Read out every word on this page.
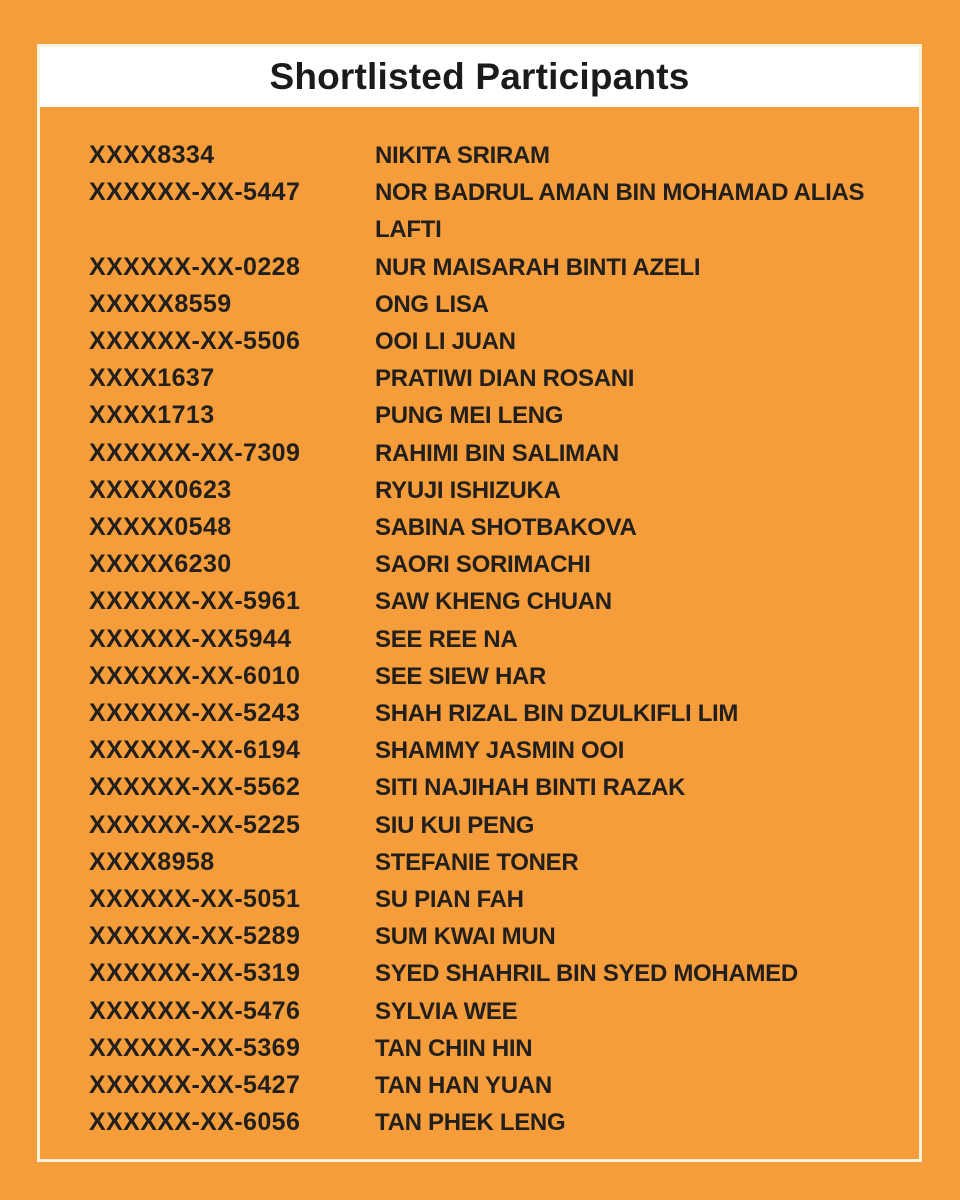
Shortlisted Participants
XXXX8334	NIKITA SRIRAM
XXXXXX-XX-5447	NOR BADRUL AMAN BIN MOHAMAD ALIAS LAFTI
XXXXXX-XX-0228	NUR MAISARAH BINTI AZELI
XXXXX8559	ONG LISA
XXXXXX-XX-5506	OOI LI JUAN
XXXX1637	PRATIWI DIAN ROSANI
XXXX1713	PUNG MEI LENG
XXXXXX-XX-7309	RAHIMI BIN SALIMAN
XXXXX0623	RYUJI ISHIZUKA
XXXXX0548	SABINA SHOTBAKOVA
XXXXX6230	SAORI SORIMACHI
XXXXXX-XX-5961	SAW KHENG CHUAN
XXXXXX-XX5944	SEE REE NA
XXXXXX-XX-6010	SEE SIEW HAR
XXXXXX-XX-5243	SHAH RIZAL BIN DZULKIFLI LIM
XXXXXX-XX-6194	SHAMMY JASMIN OOI
XXXXXX-XX-5562	SITI NAJIHAH BINTI RAZAK
XXXXXX-XX-5225	SIU KUI PENG
XXXX8958	STEFANIE TONER
XXXXXX-XX-5051	SU PIAN FAH
XXXXXX-XX-5289	SUM KWAI MUN
XXXXXX-XX-5319	SYED SHAHRIL BIN SYED MOHAMED
XXXXXX-XX-5476	SYLVIA WEE
XXXXXX-XX-5369	TAN CHIN HIN
XXXXXX-XX-5427	TAN HAN YUAN
XXXXXX-XX-6056	TAN PHEK LENG
